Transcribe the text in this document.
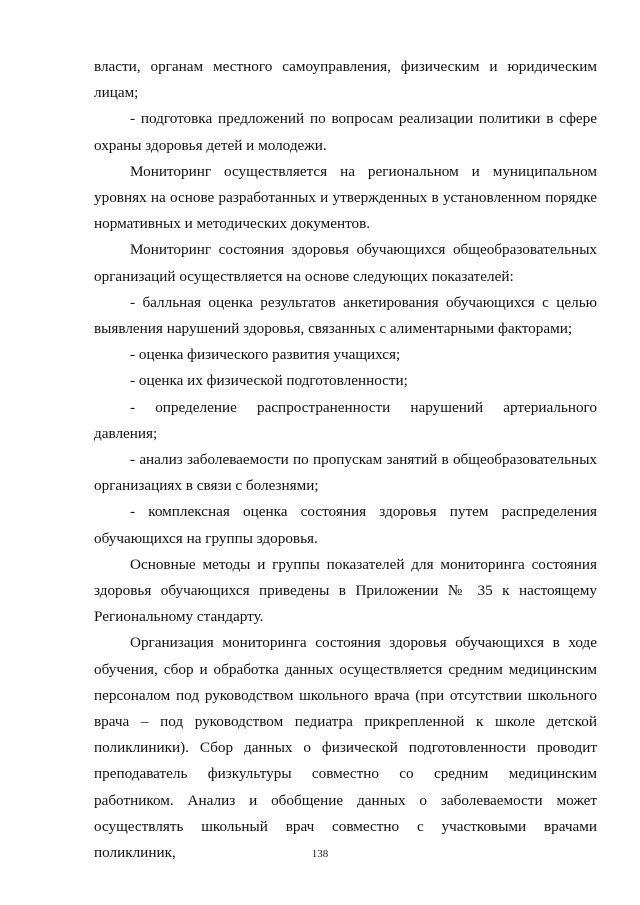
власти, органам местного самоуправления, физическим и юридическим лицам;

- подготовка предложений по вопросам реализации политики в сфере охраны здоровья детей и молодежи.

Мониторинг осуществляется на региональном и муниципальном уровнях на основе разработанных и утвержденных в установленном порядке нормативных и методических документов.

Мониторинг состояния здоровья обучающихся общеобразовательных организаций осуществляется на основе следующих показателей:

- балльная оценка результатов анкетирования обучающихся с целью выявления нарушений здоровья, связанных с алиментарными факторами;

- оценка физического развития учащихся;

- оценка их физической подготовленности;

- определение распространенности нарушений артериального давления;

- анализ заболеваемости по пропускам занятий в общеобразовательных организациях в связи с болезнями;

- комплексная оценка состояния здоровья путем распределения обучающихся на группы здоровья.

Основные методы и группы показателей для мониторинга состояния здоровья обучающихся приведены в Приложении № 35 к настоящему Региональному стандарту.

Организация мониторинга состояния здоровья обучающихся в ходе обучения, сбор и обработка данных осуществляется средним медицинским персоналом под руководством школьного врача (при отсутствии школьного врача – под руководством педиатра прикрепленной к школе детской поликлиники). Сбор данных о физической подготовленности проводит преподаватель физкультуры совместно со средним медицинским работником. Анализ и обобщение данных о заболеваемости может осуществлять школьный врач совместно с участковыми врачами поликлиник,	138
